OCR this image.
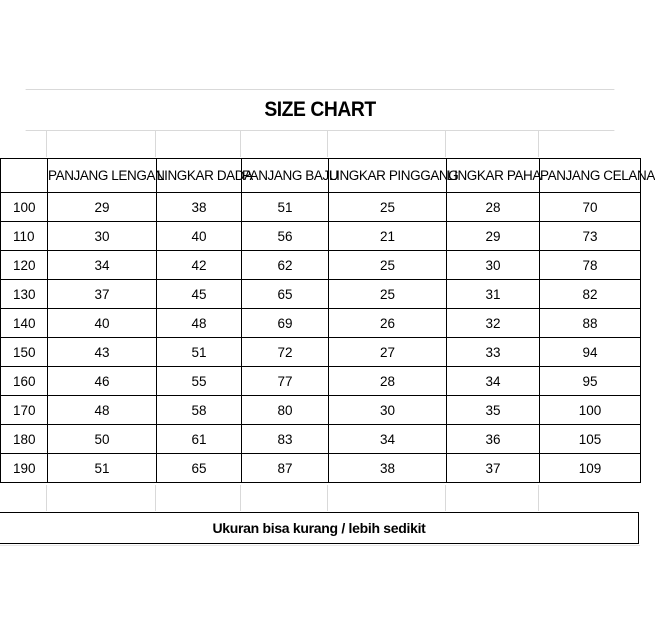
SIZE CHART
	PANJANG LENGAN	LINGKAR DADA	PANJANG BAJU	LINGKAR PINGGANG	LINGKAR PAHA	PANJANG CELANA
100	29	38	51	25	28	70
110	30	40	56	21	29	73
120	34	42	62	25	30	78
130	37	45	65	25	31	82
140	40	48	69	26	32	88
150	43	51	72	27	33	94
160	46	55	77	28	34	95
170	48	58	80	30	35	100
180	50	61	83	34	36	105
190	51	65	87	38	37	109
Ukuran bisa kurang / lebih sedikit
